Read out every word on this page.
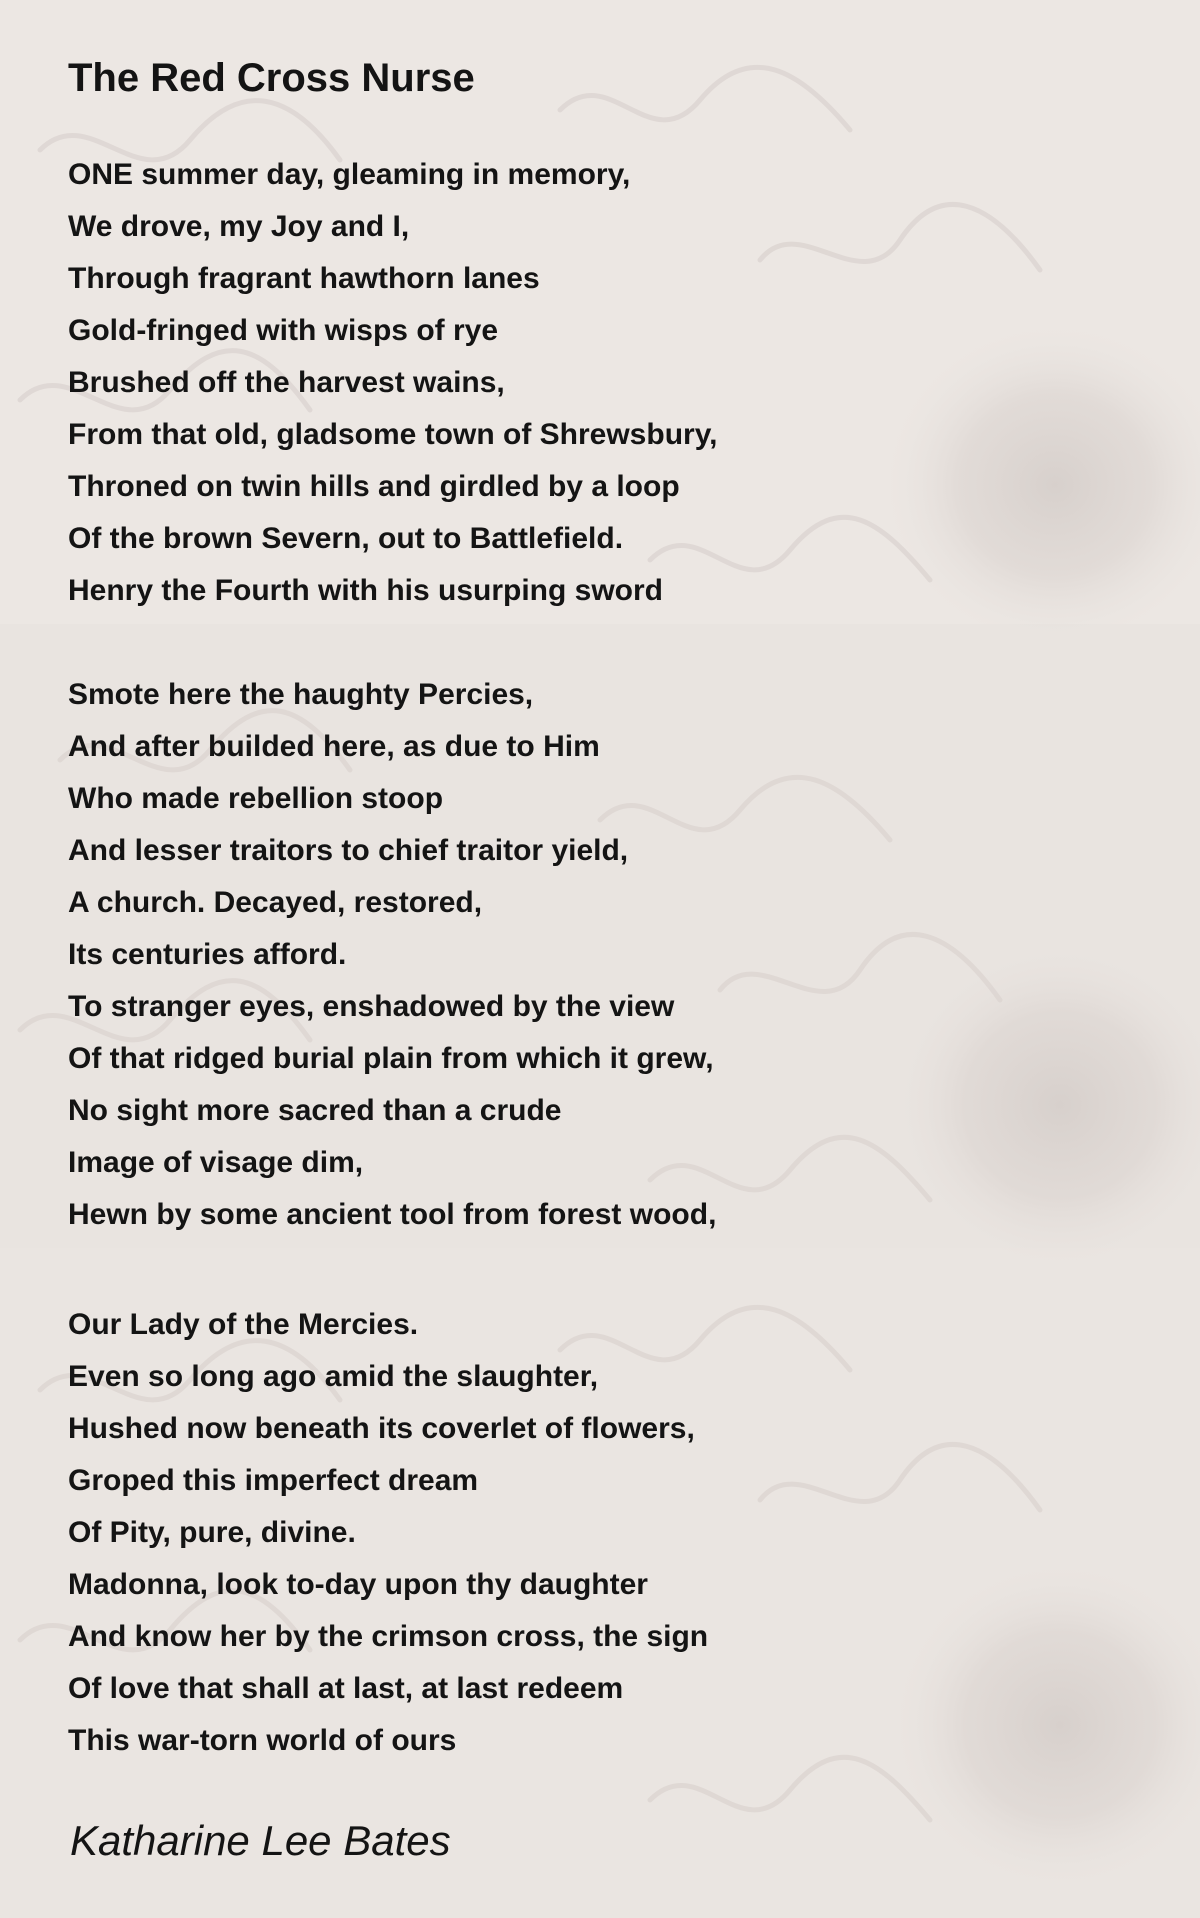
The Red Cross Nurse
ONE summer day, gleaming in memory,
We drove, my Joy and I,
Through fragrant hawthorn lanes
Gold-fringed with wisps of rye
Brushed off the harvest wains,
From that old, gladsome town of Shrewsbury,
Throned on twin hills and girdled by a loop
Of the brown Severn, out to Battlefield.
Henry the Fourth with his usurping sword
Smote here the haughty Percies,
And after builded here, as due to Him
Who made rebellion stoop
And lesser traitors to chief traitor yield,
A church. Decayed, restored,
Its centuries afford.
To stranger eyes, enshadowed by the view
Of that ridged burial plain from which it grew,
No sight more sacred than a crude
Image of visage dim,
Hewn by some ancient tool from forest wood,
Our Lady of the Mercies.
Even so long ago amid the slaughter,
Hushed now beneath its coverlet of flowers,
Groped this imperfect dream
Of Pity, pure, divine.
Madonna, look to-day upon thy daughter
And know her by the crimson cross, the sign
Of love that shall at last, at last redeem
This war-torn world of ours

Katharine Lee Bates
